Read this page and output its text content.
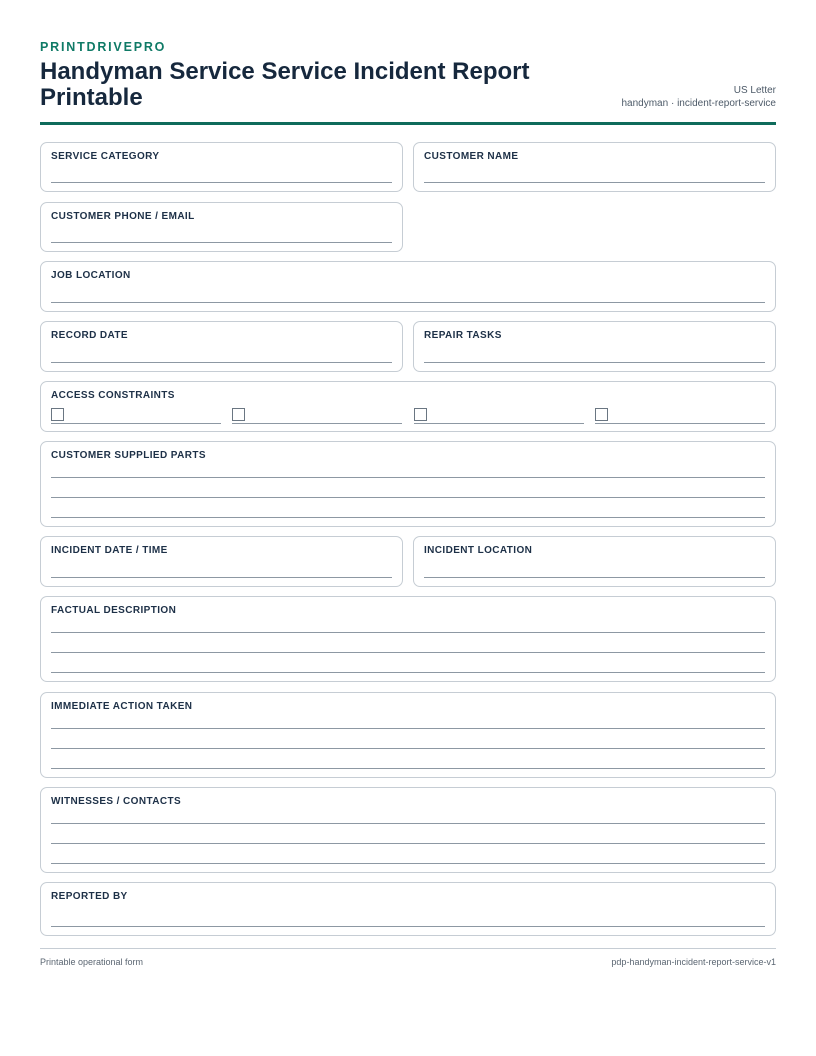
PRINTDRIVEPRO
Handyman Service Service Incident Report Printable	US Letter
handyman · incident-report-service
SERVICE CATEGORY	CUSTOMER NAME
CUSTOMER PHONE / EMAIL
JOB LOCATION
RECORD DATE	REPAIR TASKS
ACCESS CONSTRAINTS
CUSTOMER SUPPLIED PARTS
INCIDENT DATE / TIME	INCIDENT LOCATION
FACTUAL DESCRIPTION
IMMEDIATE ACTION TAKEN
WITNESSES / CONTACTS
REPORTED BY
Printable operational form	pdp-handyman-incident-report-service-v1
